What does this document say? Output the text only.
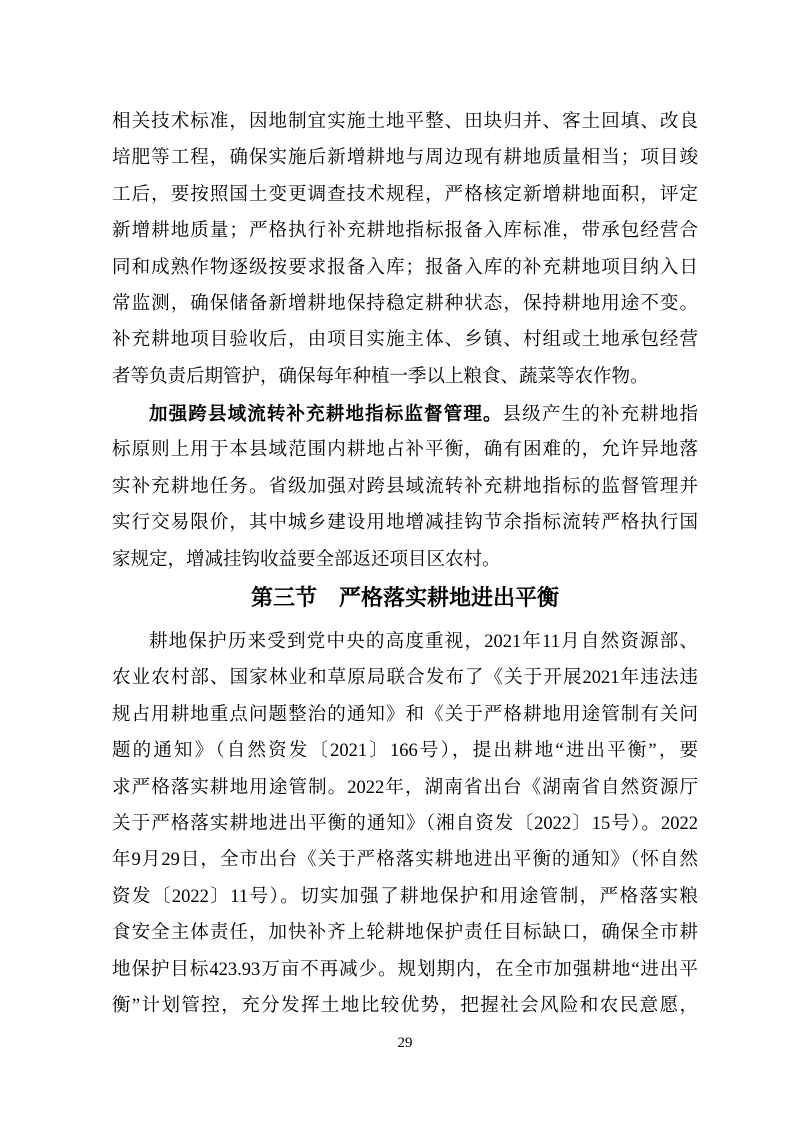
相关技术标准，因地制宜实施土地平整、田块归并、客土回填、改良
培肥等工程，确保实施后新增耕地与周边现有耕地质量相当；项目竣
工后，要按照国土变更调查技术规程，严格核定新增耕地面积，评定
新增耕地质量；严格执行补充耕地指标报备入库标准，带承包经营合
同和成熟作物逐级按要求报备入库；报备入库的补充耕地项目纳入日
常监测，确保储备新增耕地保持稳定耕种状态，保持耕地用途不变。
补充耕地项目验收后，由项目实施主体、乡镇、村组或土地承包经营
者等负责后期管护，确保每年种植一季以上粮食、蔬菜等农作物。
加强跨县域流转补充耕地指标监督管理。县级产生的补充耕地指
标原则上用于本县域范围内耕地占补平衡，确有困难的，允许异地落
实补充耕地任务。省级加强对跨县域流转补充耕地指标的监督管理并
实行交易限价，其中城乡建设用地增减挂钩节余指标流转严格执行国
家规定，增减挂钩收益要全部返还项目区农村。
第三节　严格落实耕地进出平衡
耕地保护历来受到党中央的高度重视，2021年11月自然资源部、
农业农村部、国家林业和草原局联合发布了《关于开展2021年违法违
规占用耕地重点问题整治的通知》和《关于严格耕地用途管制有关问
题的通知》（自然资发〔2021〕166号），提出耕地“进出平衡”，要
求严格落实耕地用途管制。2022年，湖南省出台《湖南省自然资源厅
关于严格落实耕地进出平衡的通知》（湘自资发〔2022〕15号）。2022
年9月29日，全市出台《关于严格落实耕地进出平衡的通知》（怀自然
资发〔2022〕11号）。切实加强了耕地保护和用途管制，严格落实粮
食安全主体责任，加快补齐上轮耕地保护责任目标缺口，确保全市耕
地保护目标423.93万亩不再减少。规划期内，在全市加强耕地“进出平
衡”计划管控，充分发挥土地比较优势，把握社会风险和农民意愿，
29
